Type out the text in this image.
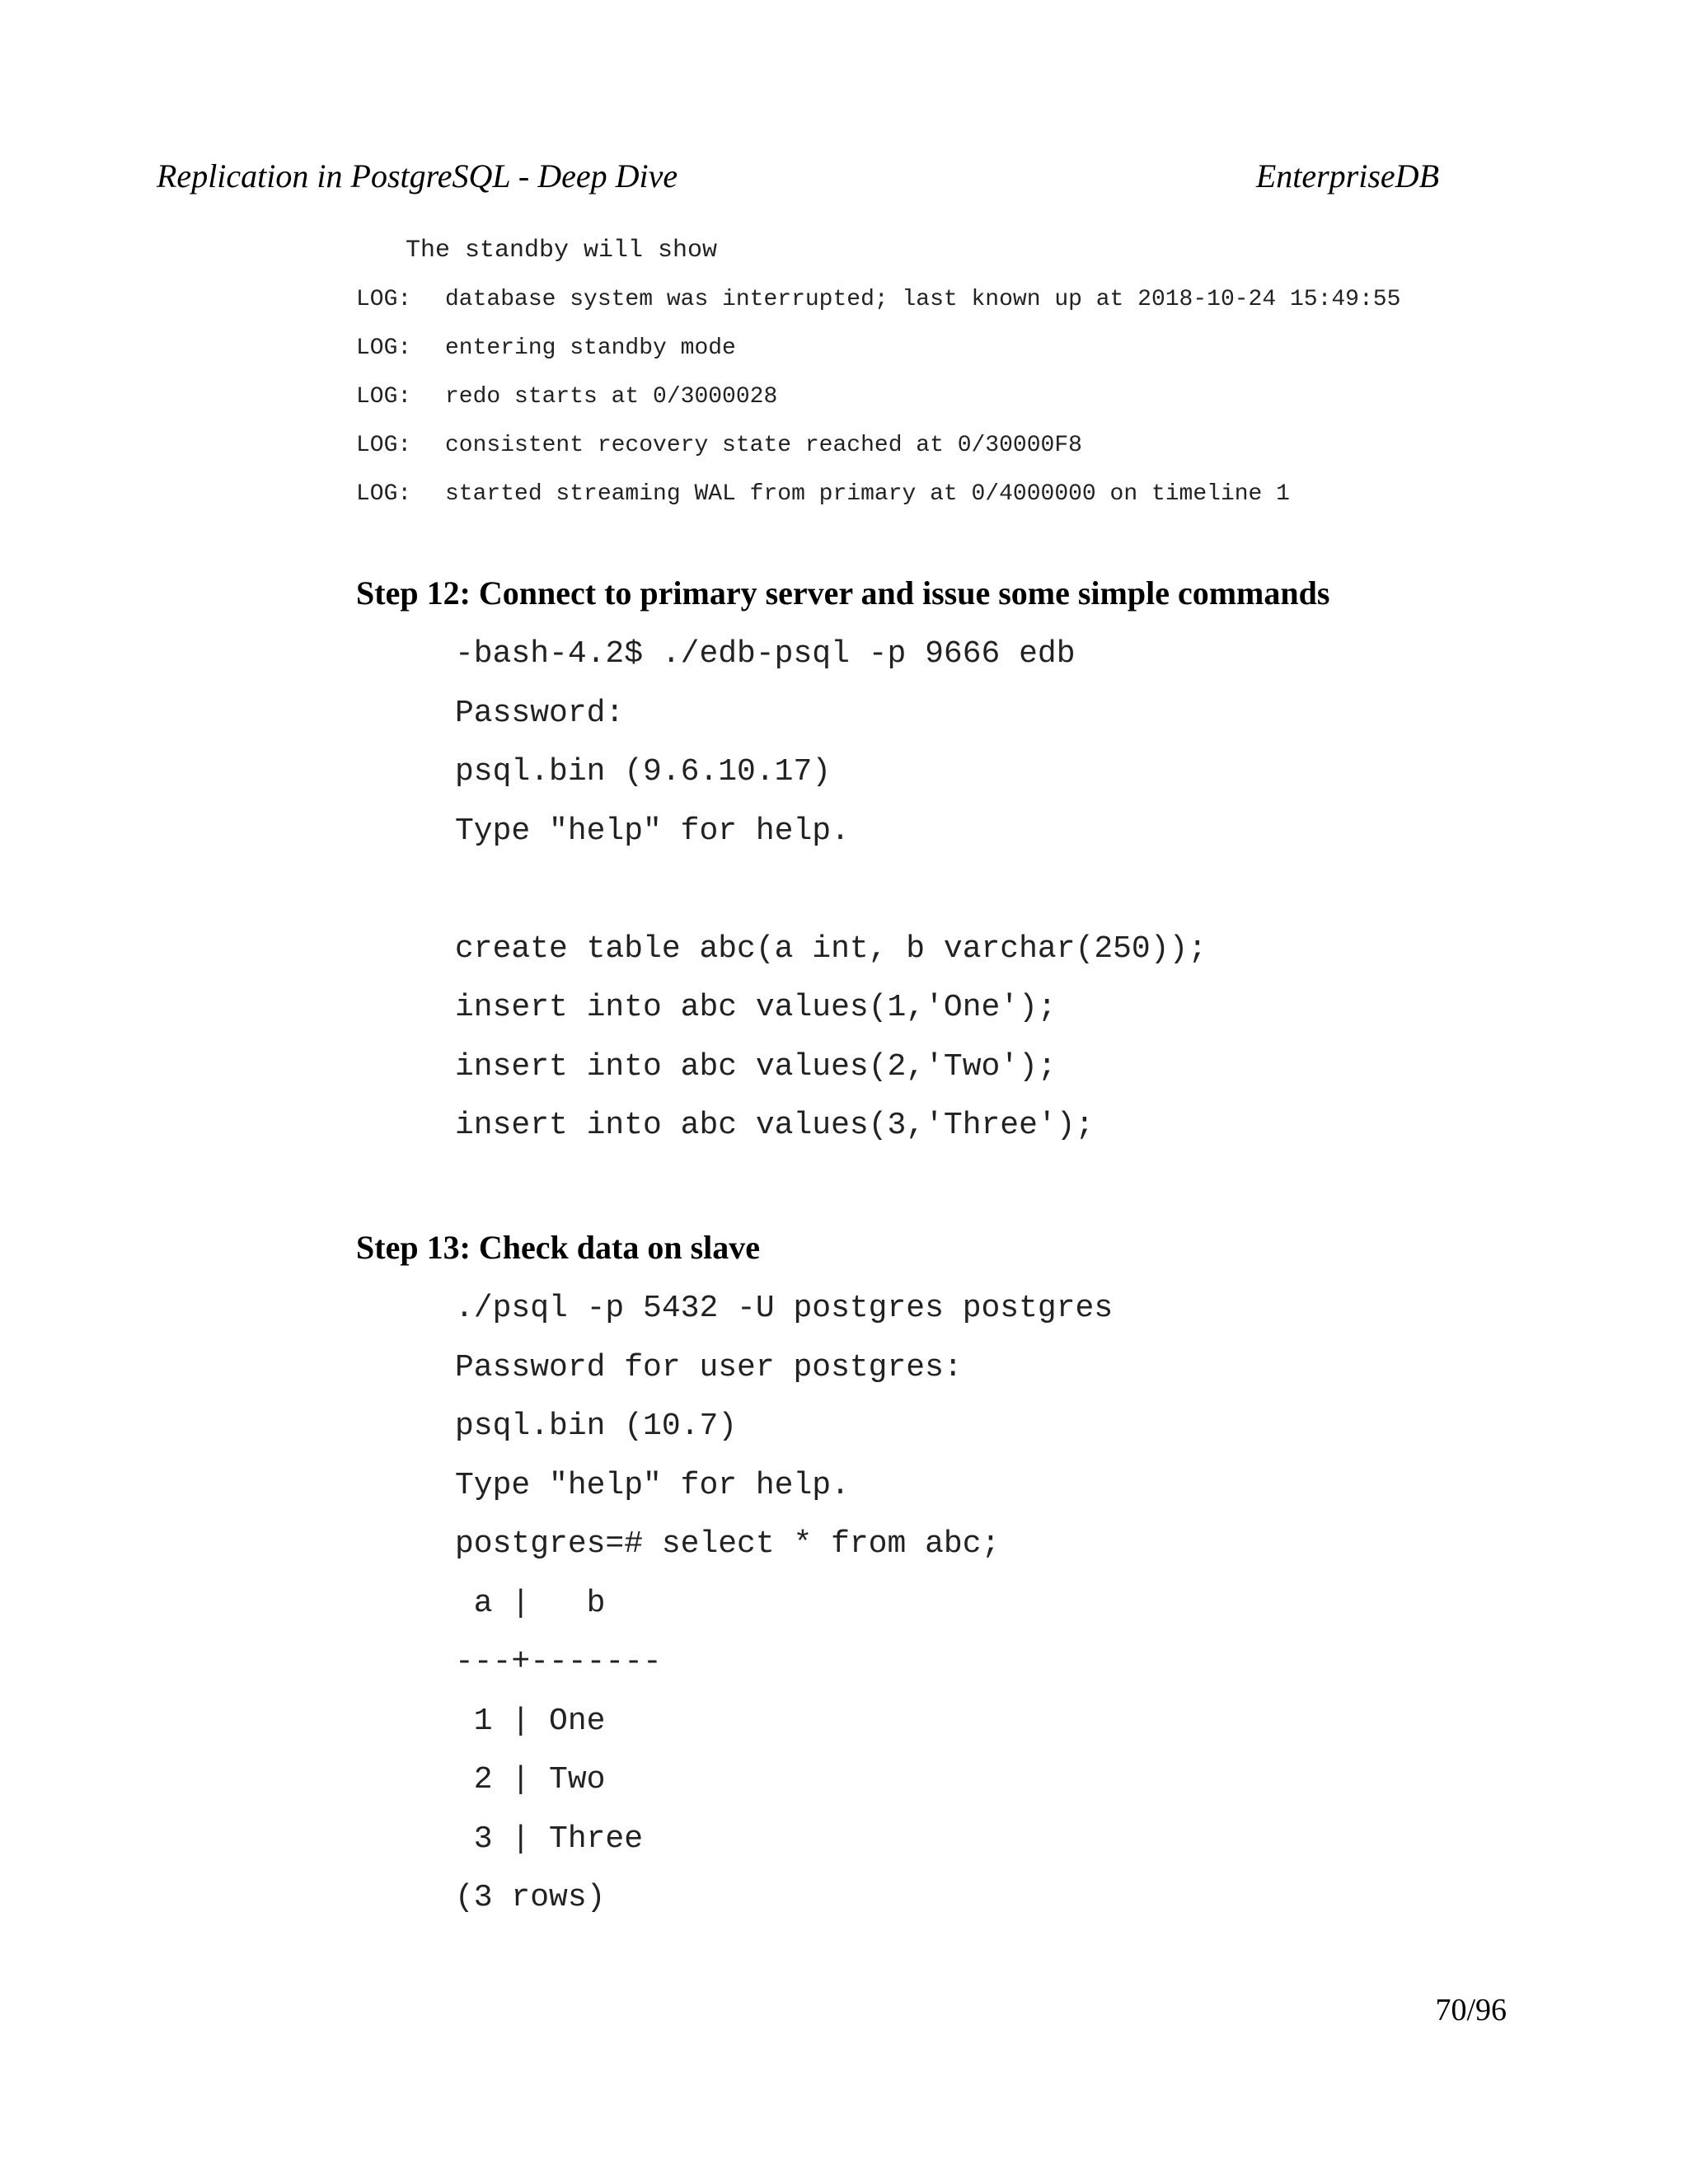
Replication in PostgreSQL - Deep Dive	EnterpriseDB
The standby will show
LOG: database system was interrupted; last known up at 2018-10-24 15:49:55
LOG: entering standby mode
LOG: redo starts at 0/3000028
LOG: consistent recovery state reached at 0/30000F8
LOG: started streaming WAL from primary at 0/4000000 on timeline 1
Step 12: Connect to primary server and issue some simple commands
-bash-4.2$ ./edb-psql -p 9666 edb
Password:
psql.bin (9.6.10.17)
Type "help" for help.
create table abc(a int, b varchar(250));
insert into abc values(1,'One');
insert into abc values(2,'Two');
insert into abc values(3,'Three');
Step 13: Check data on slave
./psql -p 5432 -U postgres postgres
Password for user postgres:
psql.bin (10.7)
Type "help" for help.
postgres=# select * from abc;
a |   b
---+-------
1 | One
2 | Two
3 | Three
(3 rows)
70/96
